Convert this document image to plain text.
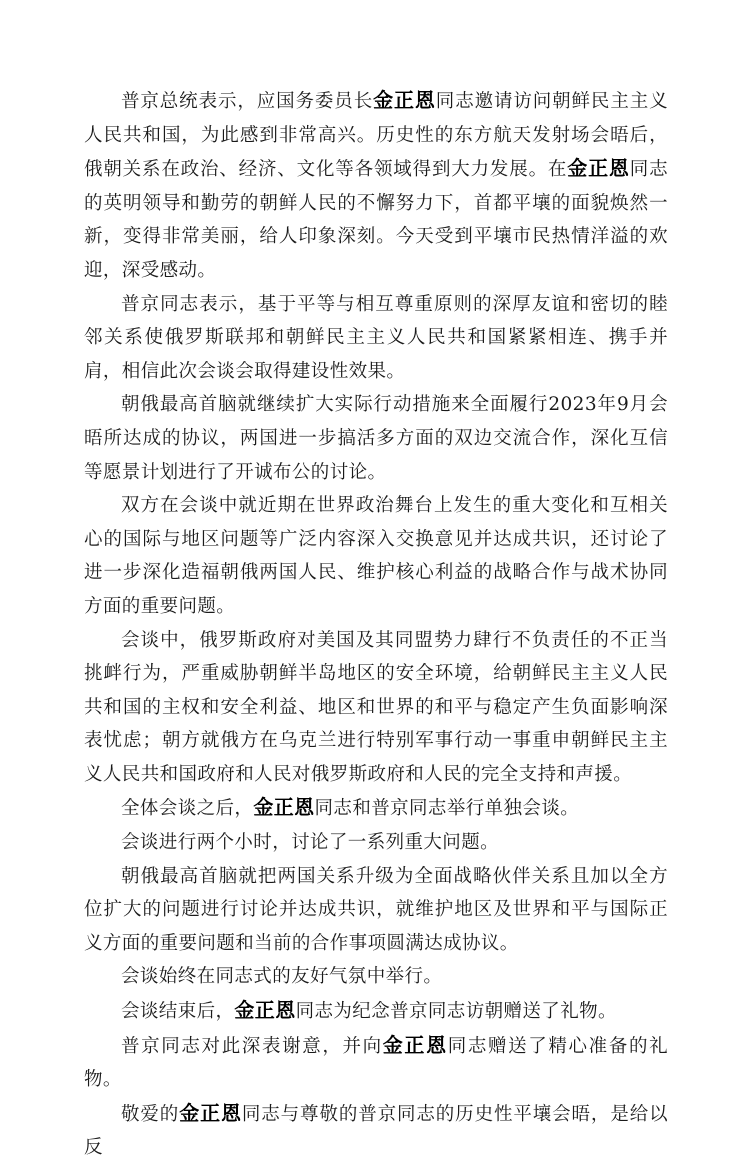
普京总统表示，应国务委员长金正恩同志邀请访问朝鲜民主主义人民共和国，为此感到非常高兴。历史性的东方航天发射场会晤后，俄朝关系在政治、经济、文化等各领域得到大力发展。在金正恩同志的英明领导和勤劳的朝鲜人民的不懈努力下，首都平壤的面貌焕然一新，变得非常美丽，给人印象深刻。今天受到平壤市民热情洋溢的欢迎，深受感动。

普京同志表示，基于平等与相互尊重原则的深厚友谊和密切的睦邻关系使俄罗斯联邦和朝鲜民主主义人民共和国紧紧相连、携手并肩，相信此次会谈会取得建设性效果。

朝俄最高首脑就继续扩大实际行动措施来全面履行2023年9月会晤所达成的协议，两国进一步搞活多方面的双边交流合作，深化互信等愿景计划进行了开诚布公的讨论。

双方在会谈中就近期在世界政治舞台上发生的重大变化和互相关心的国际与地区问题等广泛内容深入交换意见并达成共识，还讨论了进一步深化造福朝俄两国人民、维护核心利益的战略合作与战术协同方面的重要问题。

会谈中，俄罗斯政府对美国及其同盟势力肆行不负责任的不正当挑衅行为，严重威胁朝鲜半岛地区的安全环境，给朝鲜民主主义人民共和国的主权和安全利益、地区和世界的和平与稳定产生负面影响深表忧虑；朝方就俄方在乌克兰进行特别军事行动一事重申朝鲜民主主义人民共和国政府和人民对俄罗斯政府和人民的完全支持和声援。

全体会谈之后，金正恩同志和普京同志举行单独会谈。

会谈进行两个小时，讨论了一系列重大问题。

朝俄最高首脑就把两国关系升级为全面战略伙伴关系且加以全方位扩大的问题进行讨论并达成共识，就维护地区及世界和平与国际正义方面的重要问题和当前的合作事项圆满达成协议。

会谈始终在同志式的友好气氛中举行。

会谈结束后，金正恩同志为纪念普京同志访朝赠送了礼物。

普京同志对此深表谢意，并向金正恩同志赠送了精心准备的礼物。

敬爱的金正恩同志与尊敬的普京同志的历史性平壤会晤，是给以反
